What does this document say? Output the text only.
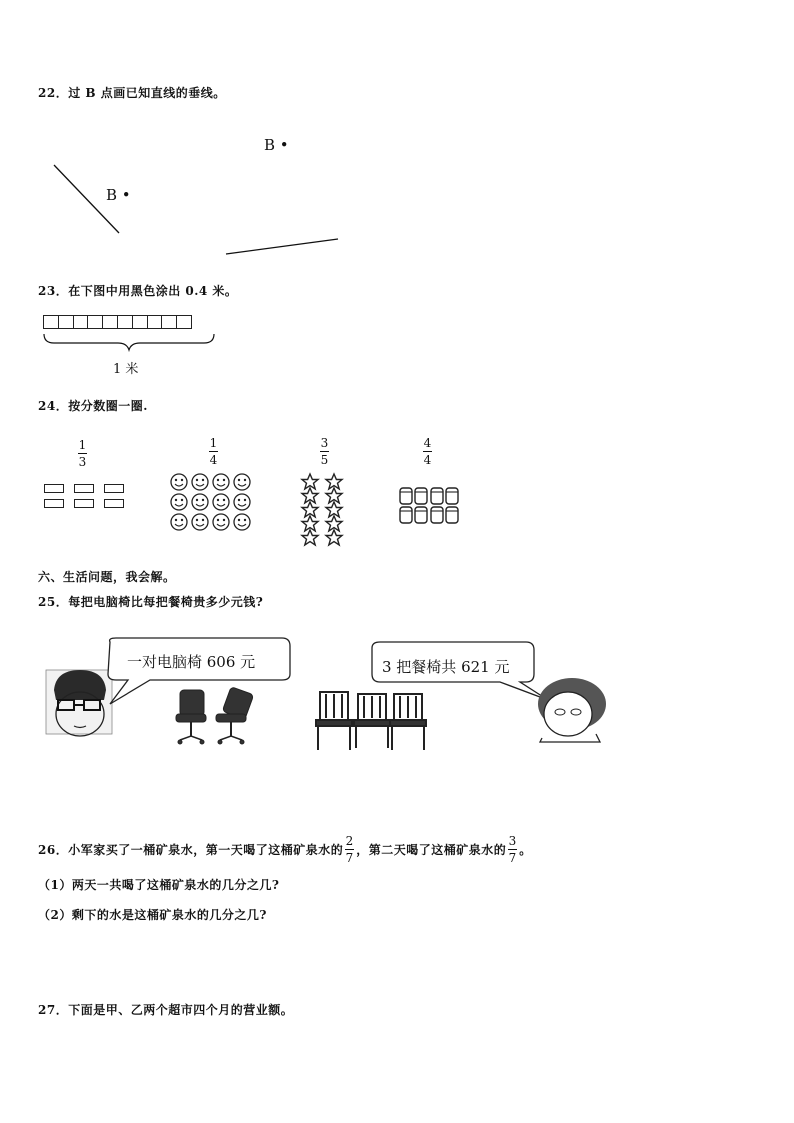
22．过 B 点画已知直线的垂线。
B •
B •
23．在下图中用黑色涂出 0.4 米。
1 米
24．按分数圈一圈.
1
3
1
4
3
5
4
4
六、生活问题，我会解。
25．每把电脑椅比每把餐椅贵多少元钱?
一对电脑椅 606 元	3 把餐椅共 621 元
26．小军家买了一桶矿泉水，第一天喝了这桶矿泉水的 $\frac{2}{7}$ ，第二天喝了这桶矿泉水的 $\frac{3}{7}$ 。
（1）两天一共喝了这桶矿泉水的几分之几?
（2）剩下的水是这桶矿泉水的几分之几?
27．下面是甲、乙两个超市四个月的营业额。
